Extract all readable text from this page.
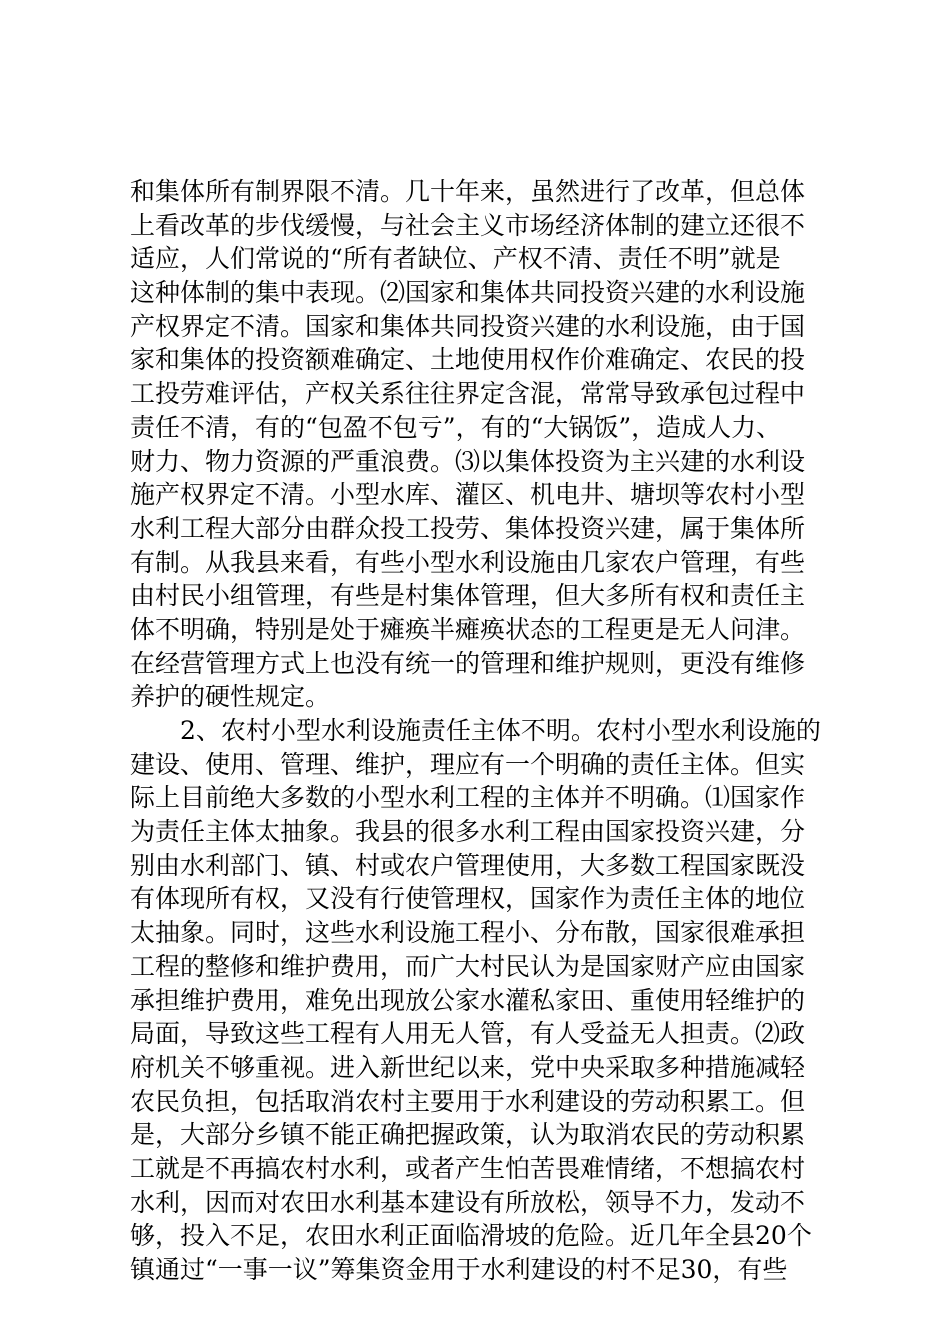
和集体所有制界限不清。几十年来，虽然进行了改革，但总体
上看改革的步伐缓慢，与社会主义市场经济体制的建立还很不
适应，人们常说的“所有者缺位、产权不清、责任不明”就是
这种体制的集中表现。⑵国家和集体共同投资兴建的水利设施
产权界定不清。国家和集体共同投资兴建的水利设施，由于国
家和集体的投资额难确定、土地使用权作价难确定、农民的投
工投劳难评估，产权关系往往界定含混，常常导致承包过程中
责任不清，有的“包盈不包亏”，有的“大锅饭”，造成人力、
财力、物力资源的严重浪费。⑶以集体投资为主兴建的水利设
施产权界定不清。小型水库、灌区、机电井、塘坝等农村小型
水利工程大部分由群众投工投劳、集体投资兴建，属于集体所
有制。从我县来看，有些小型水利设施由几家农户管理，有些
由村民小组管理，有些是村集体管理，但大多所有权和责任主
体不明确，特别是处于瘫痪半瘫痪状态的工程更是无人问津。
在经营管理方式上也没有统一的管理和维护规则，更没有维修
养护的硬性规定。
2、农村小型水利设施责任主体不明。农村小型水利设施的
建设、使用、管理、维护，理应有一个明确的责任主体。但实
际上目前绝大多数的小型水利工程的主体并不明确。⑴国家作
为责任主体太抽象。我县的很多水利工程由国家投资兴建，分
别由水利部门、镇、村或农户管理使用，大多数工程国家既没
有体现所有权，又没有行使管理权，国家作为责任主体的地位
太抽象。同时，这些水利设施工程小、分布散，国家很难承担
工程的整修和维护费用，而广大村民认为是国家财产应由国家
承担维护费用，难免出现放公家水灌私家田、重使用轻维护的
局面，导致这些工程有人用无人管，有人受益无人担责。⑵政
府机关不够重视。进入新世纪以来，党中央采取多种措施减轻
农民负担，包括取消农村主要用于水利建设的劳动积累工。但
是，大部分乡镇不能正确把握政策，认为取消农民的劳动积累
工就是不再搞农村水利，或者产生怕苦畏难情绪，不想搞农村
水利，因而对农田水利基本建设有所放松，领导不力，发动不
够，投入不足，农田水利正面临滑坡的危险。近几年全县20个
镇通过“一事一议”筹集资金用于水利建设的村不足30，有些
